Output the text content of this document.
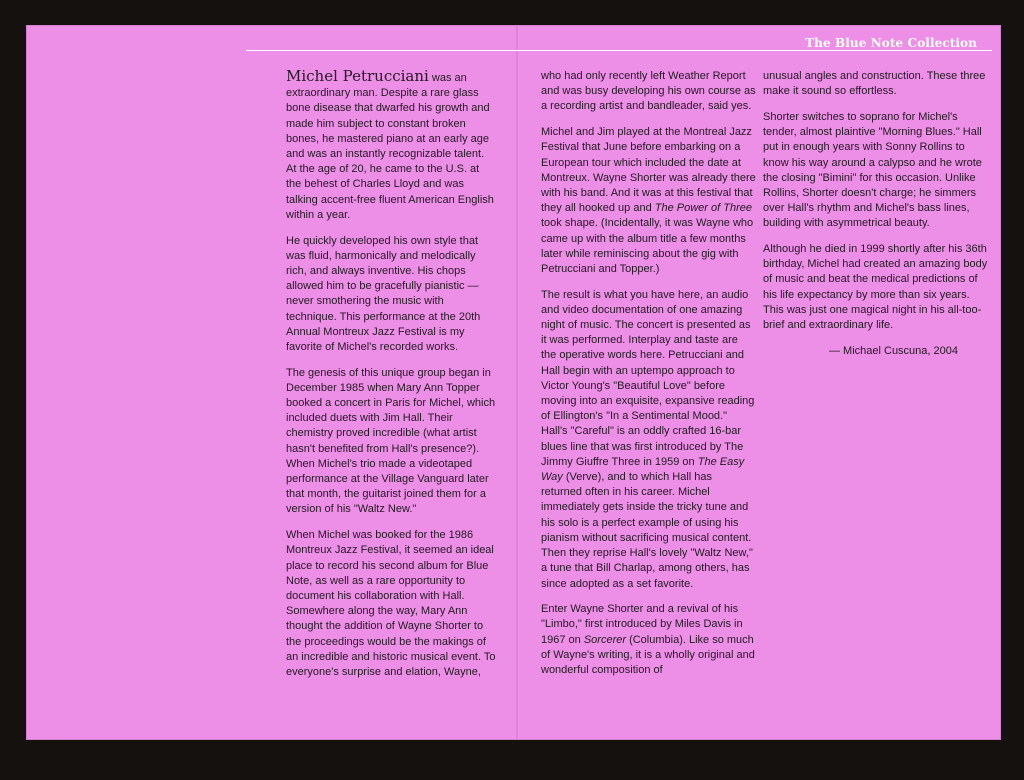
The Blue Note Collection

Michel Petrucciani was an extraordinary man. Despite a rare glass bone disease that dwarfed his growth and made him subject to constant broken bones, he mastered piano at an early age and was an instantly recognizable talent. At the age of 20, he came to the U.S. at the behest of Charles Lloyd and was talking accent-free fluent American English within a year.

He quickly developed his own style that was fluid, harmonically and melodically rich, and always inventive. His chops allowed him to be gracefully pianistic — never smothering the music with technique. This performance at the 20th Annual Montreux Jazz Festival is my favorite of Michel's recorded works.

The genesis of this unique group began in December 1985 when Mary Ann Topper booked a concert in Paris for Michel, which included duets with Jim Hall. Their chemistry proved incredible (what artist hasn't benefited from Hall's presence?). When Michel's trio made a videotaped performance at the Village Vanguard later that month, the guitarist joined them for a version of his "Waltz New."

When Michel was booked for the 1986 Montreux Jazz Festival, it seemed an ideal place to record his second album for Blue Note, as well as a rare opportunity to document his collaboration with Hall. Somewhere along the way, Mary Ann thought the addition of Wayne Shorter to the proceedings would be the makings of an incredible and historic musical event. To everyone's surprise and elation, Wayne,

who had only recently left Weather Report and was busy developing his own course as a recording artist and bandleader, said yes.

Michel and Jim played at the Montreal Jazz Festival that June before embarking on a European tour which included the date at Montreux. Wayne Shorter was already there with his band. And it was at this festival that they all hooked up and The Power of Three took shape. (Incidentally, it was Wayne who came up with the album title a few months later while reminiscing about the gig with Petrucciani and Topper.)

The result is what you have here, an audio and video documentation of one amazing night of music. The concert is presented as it was performed. Interplay and taste are the operative words here. Petrucciani and Hall begin with an uptempo approach to Victor Young's "Beautiful Love" before moving into an exquisite, expansive reading of Ellington's "In a Sentimental Mood." Hall's "Careful" is an oddly crafted 16-bar blues line that was first introduced by The Jimmy Giuffre Three in 1959 on The Easy Way (Verve), and to which Hall has returned often in his career. Michel immediately gets inside the tricky tune and his solo is a perfect example of using his pianism without sacrificing musical content. Then they reprise Hall's lovely "Waltz New," a tune that Bill Charlap, among others, has since adopted as a set favorite.

Enter Wayne Shorter and a revival of his "Limbo," first introduced by Miles Davis in 1967 on Sorcerer (Columbia). Like so much of Wayne's writing, it is a wholly original and wonderful composition of

unusual angles and construction. These three make it sound so effortless.

Shorter switches to soprano for Michel's tender, almost plaintive "Morning Blues." Hall put in enough years with Sonny Rollins to know his way around a calypso and he wrote the closing "Bimini" for this occasion. Unlike Rollins, Shorter doesn't charge; he simmers over Hall's rhythm and Michel's bass lines, building with asymmetrical beauty.

Although he died in 1999 shortly after his 36th birthday, Michel had created an amazing body of music and beat the medical predictions of his life expectancy by more than six years. This was just one magical night in his all-too-brief and extraordinary life.

— Michael Cuscuna, 2004
